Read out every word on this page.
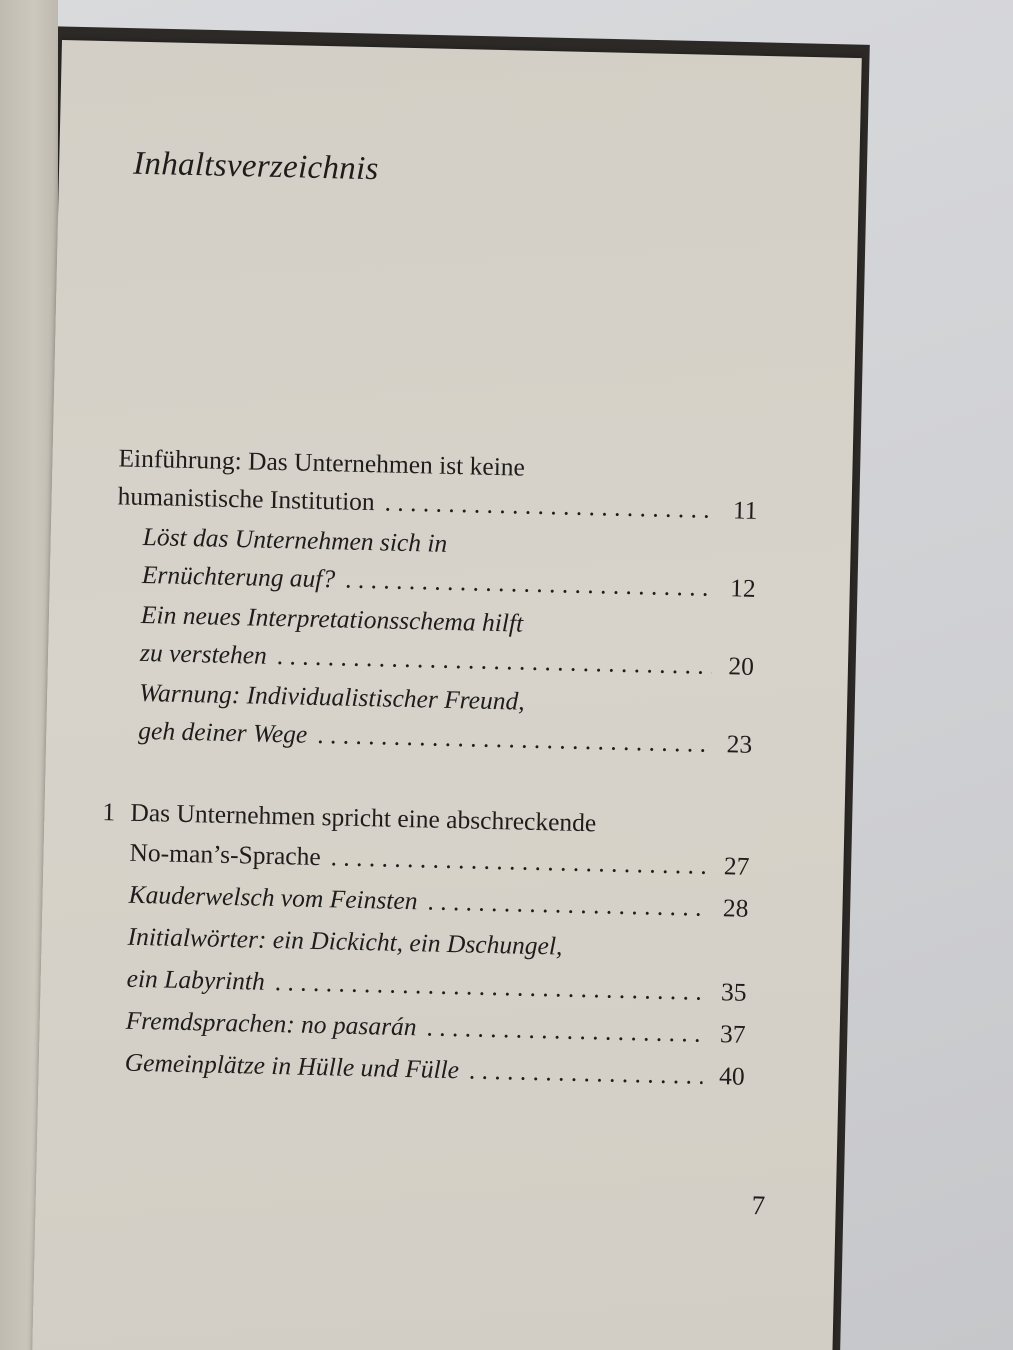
Inhaltsverzeichnis
Einführung: Das Unternehmen ist keine
humanistische Institution . . .	11
Löst das Unternehmen sich in
Ernüchterung auf? . . .	12
Ein neues Interpretationsschema hilft
zu verstehen . . .	20
Warnung: Individualistischer Freund,
geh deiner Wege . . .	23
1 Das Unternehmen spricht eine abschreckende
No-man’s-Sprache . . .	27
Kauderwelsch vom Feinsten . . .	28
Initialwörter: ein Dickicht, ein Dschungel,
ein Labyrinth . . .	35
Fremdsprachen: no pasarán . . .	37
Gemeinplätze in Hülle und Fülle . . .	40
7
